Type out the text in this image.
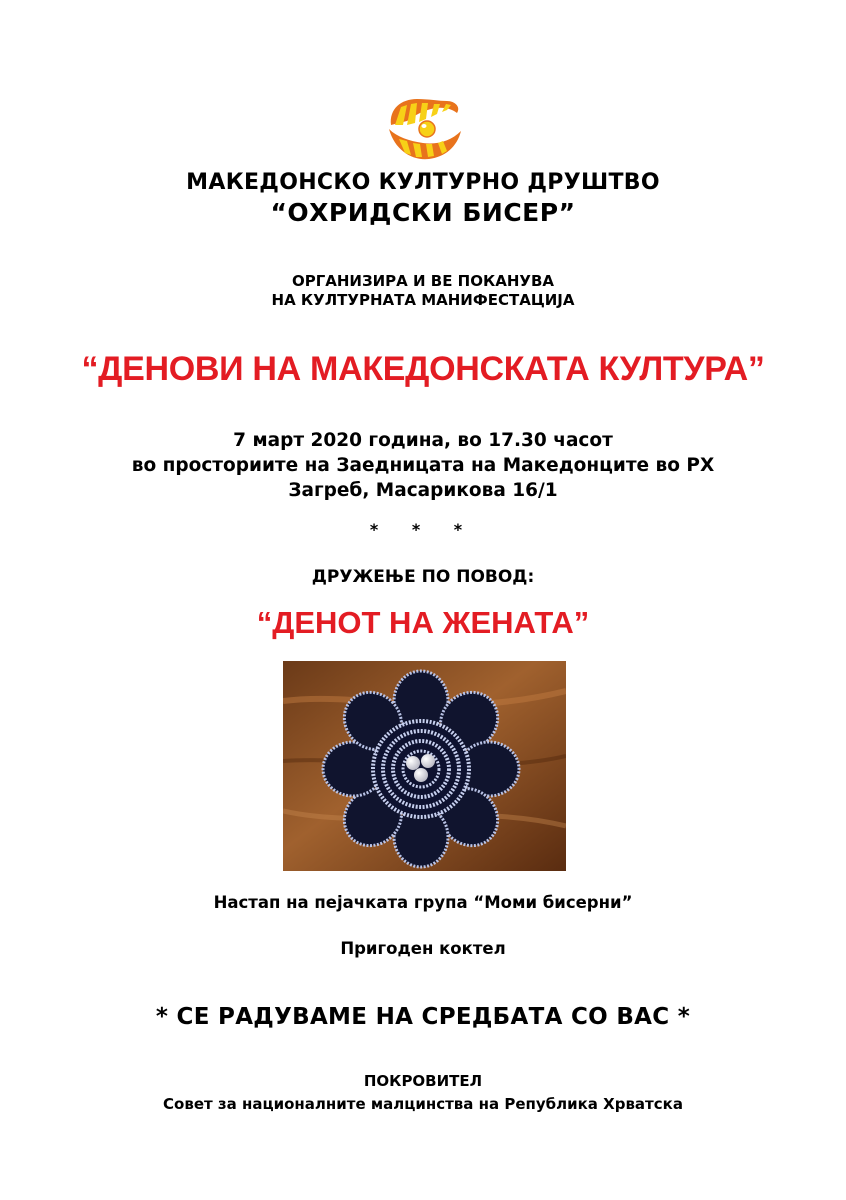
МАКЕДОНСКО КУЛТУРНО ДРУШТВО
“ОХРИДСКИ БИСЕР”
ОРГАНИЗИРА И ВЕ ПОКАНУВА
НА КУЛТУРНАТА МАНИФЕСТАЦИЈА
“ДЕНОВИ НА МАКЕДОНСКАТА КУЛТУРА”
7 март 2020 година, во 17.30 часот
во просториите на Заедницата на Македонците во РХ
Загреб, Масарикова 16/1
* * *
ДРУЖЕЊЕ ПО ПОВОД:
“ДЕНОТ НА ЖЕНАТА”
Настап на пејачката група “Моми бисерни”
Пригоден коктел
* СЕ РАДУВАМЕ НА СРЕДБАТА СО ВАС *
ПОКРОВИТЕЛ
Совет за националните малцинства на Република Хрватска
